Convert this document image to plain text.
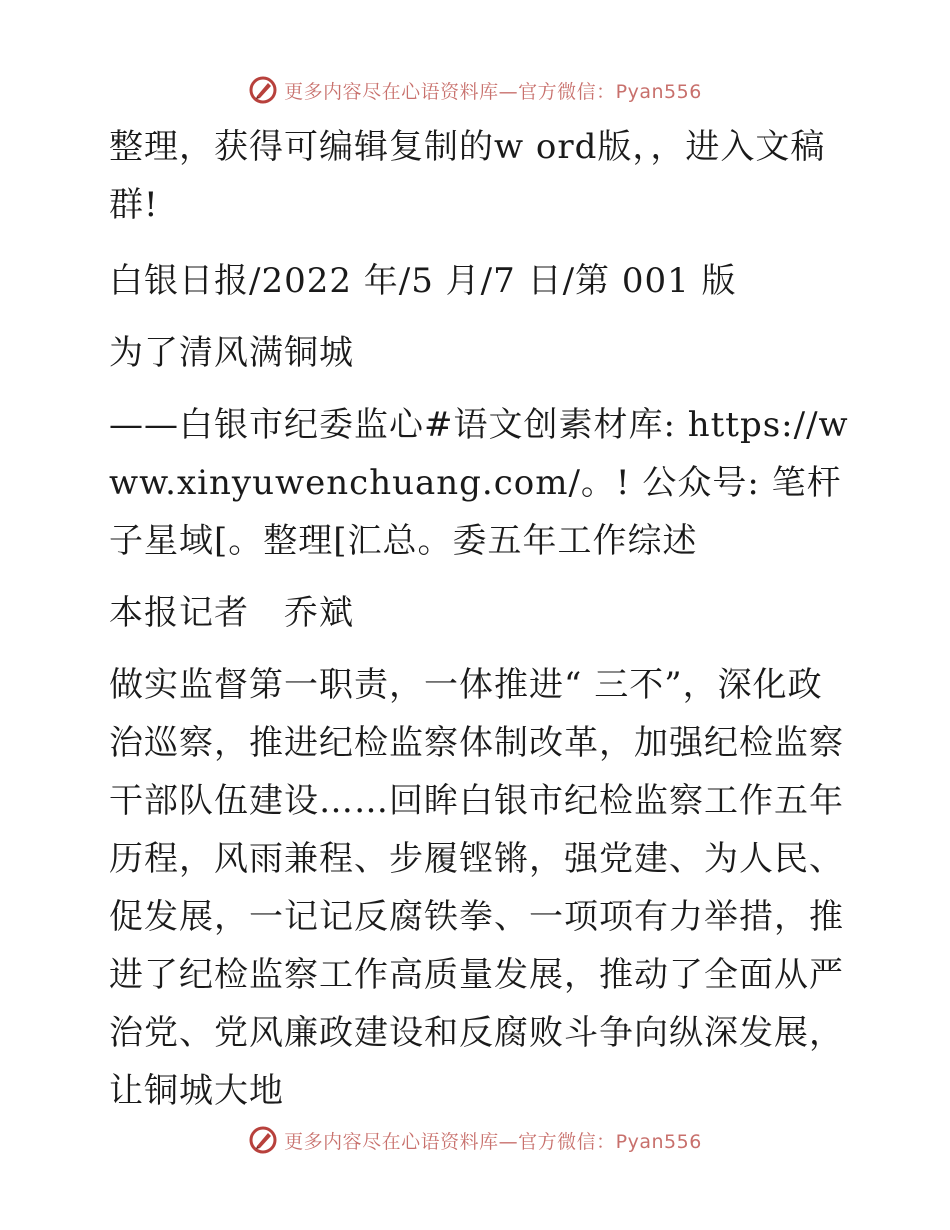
更多内容尽在心语资料库—官方微信：Pyan556

整理，获得可编辑复制的w ord版，，进入文稿群!

白银日报/2022 年/5 月/7 日/第 001 版

为了清风满铜城

——白银市纪委监心#语文创素材库: https://www.xinyuwenchuang.com/。! 公众号: 笔杆子星域[。整理[汇总。委五年工作综述

本报记者　乔斌

做实监督第一职责，一体推进“ 三不”，深化政治巡察，推进纪检监察体制改革，加强纪检监察干部队伍建设……回眸白银市纪检监察工作五年历程，风雨兼程、步履铿锵，强党建、为人民、促发展，一记记反腐铁拳、一项项有力举措，推进了纪检监察工作高质量发展，推动了全面从严治党、党风廉政建设和反腐败斗争向纵深发展，让铜城大地

更多内容尽在心语资料库—官方微信：Pyan556
